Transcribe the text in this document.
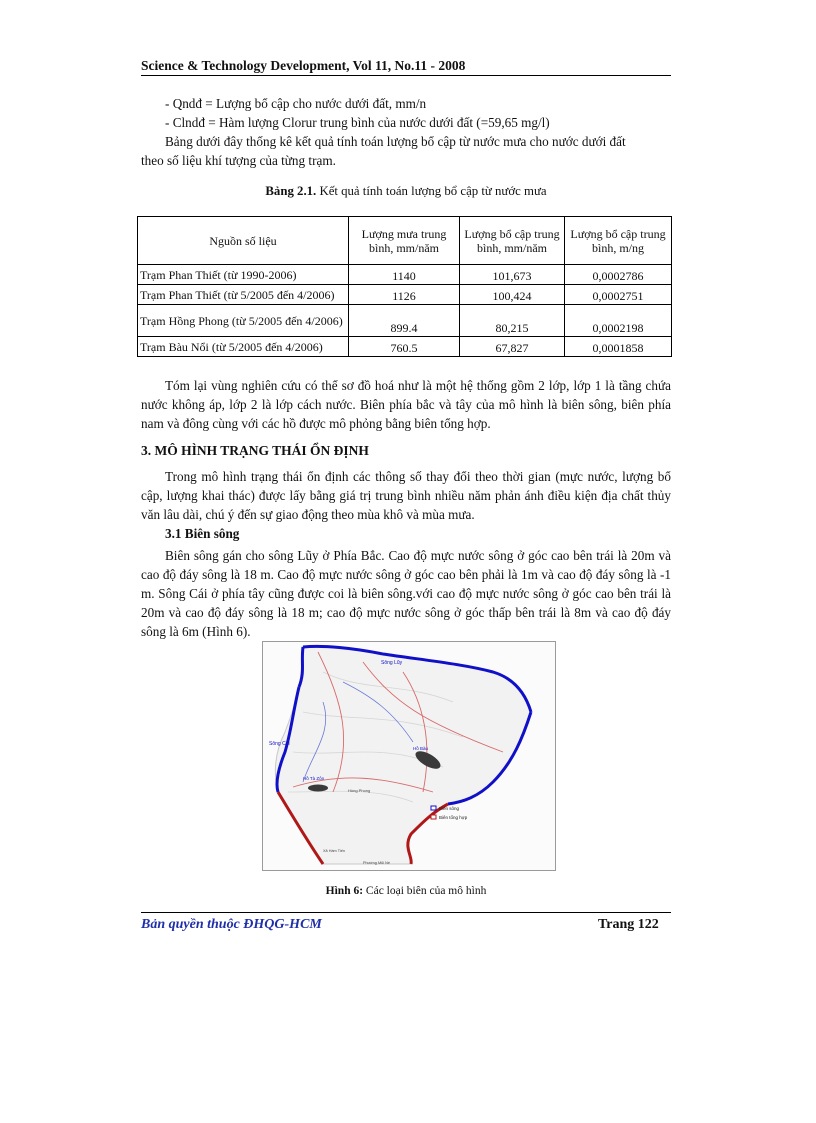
Science & Technology Development, Vol 11, No.11 - 2008
- Qndđ = Lượng bổ cập cho nước dưới đất, mm/n
- Clndđ = Hàm lượng Clorur trung bình của nước dưới đất (=59,65 mg/l)
Bảng dưới đây thống kê kết quả tính toán lượng bổ cập từ nước mưa cho nước dưới đất
theo số liệu khí tượng của từng trạm.
Bảng 2.1. Kết quả tính toán lượng bổ cập từ nước mưa
Nguồn số liệu	Lượng mưa trung bình, mm/năm	Lượng bổ cập trung bình, mm/năm	Lượng bổ cập trung bình, m/ng
Trạm Phan Thiết (từ 1990-2006)	1140	101,673	0,0002786
Trạm Phan Thiết (từ 5/2005 đến 4/2006)	1126	100,424	0,0002751
Trạm Hồng Phong (từ 5/2005 đến 4/2006)	899.4	80,215	0,0002198
Trạm Bàu Nổi (từ 5/2005 đến 4/2006)	760.5	67,827	0,0001858
Tóm lại vùng nghiên cứu có thể sơ đồ hoá như là một hệ thống gồm 2 lớp, lớp 1 là tầng chứa nước không áp, lớp 2 là lớp cách nước. Biên phía bắc và tây của mô hình là biên sông, biên phía nam và đông cùng với các hồ được mô phỏng bằng biên tổng hợp.
3. MÔ HÌNH TRẠNG THÁI ỔN ĐỊNH
Trong mô hình trạng thái ổn định các thông số thay đổi theo thời gian (mực nước, lượng bổ cập, lượng khai thác) được lấy bằng giá trị trung bình nhiều năm phản ánh điều kiện địa chất thủy văn lâu dài, chú ý đến sự giao động theo mùa khô và mùa mưa.
3.1 Biên sông
Biên sông gán cho sông Lũy ở Phía Bắc. Cao độ mực nước sông ở góc cao bên trái là 20m và cao độ đáy sông là 18 m. Cao độ mực nước sông ở góc cao bên phải là 1m và cao độ đáy sông là -1 m. Sông Cái ở phía tây cũng được coi là biên sông.với cao độ mực nước sông ở góc cao bên trái là 20m và cao độ đáy sông là 18 m; cao độ mực nước sông ở góc thấp bên trái là 8m và cao độ đáy sông là 6m (Hình 6).
Sông Lũy
Sông Cái
Hồ Tà Zôn
Hồ Bàu
Hồng Phong
Xã Hàm Tiến
Phường Mũi Né
Biên sông
Biên tổng hợp
Hình 6: Các loại biên của mô hình
Bản quyền thuộc ĐHQG-HCM	Trang 122
